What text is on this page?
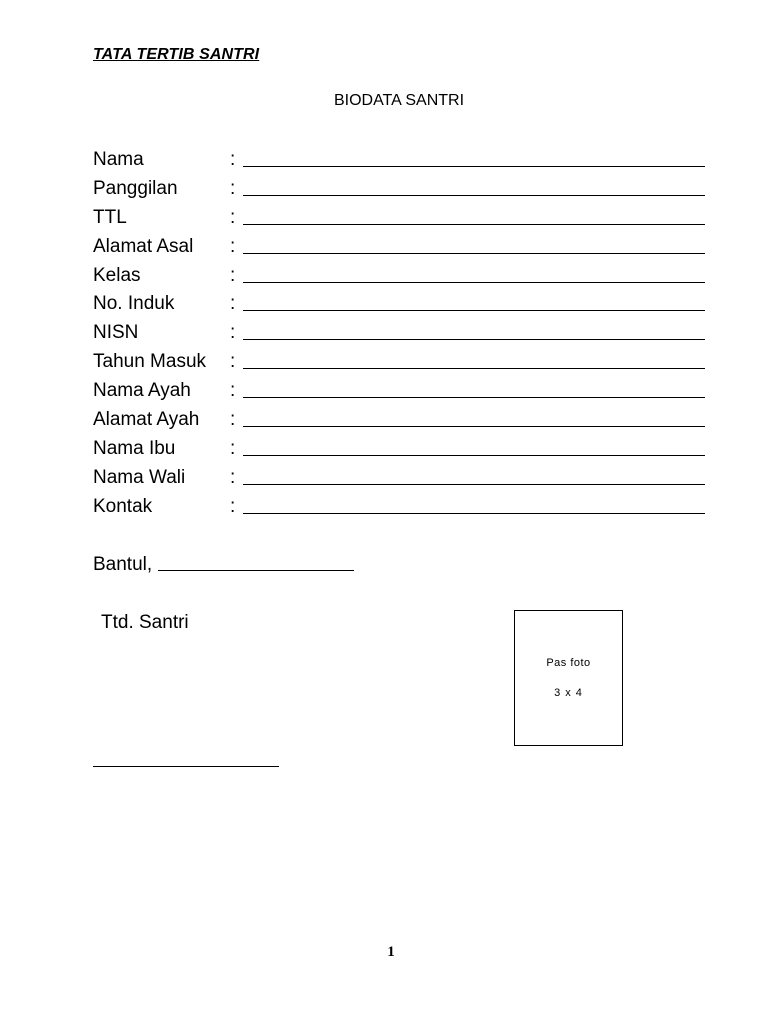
TATA TERTIB SANTRI
BIODATA SANTRI
Nama	:
Panggilan	:
TTL	:
Alamat Asal :
Kelas	:
No. Induk	:
NISN	:
Tahun Masuk :
Nama Ayah :
Alamat Ayah :
Nama Ibu	:
Nama Wali :
Kontak	:
Bantul,
Ttd. Santri
Pas foto
3 x 4
1
